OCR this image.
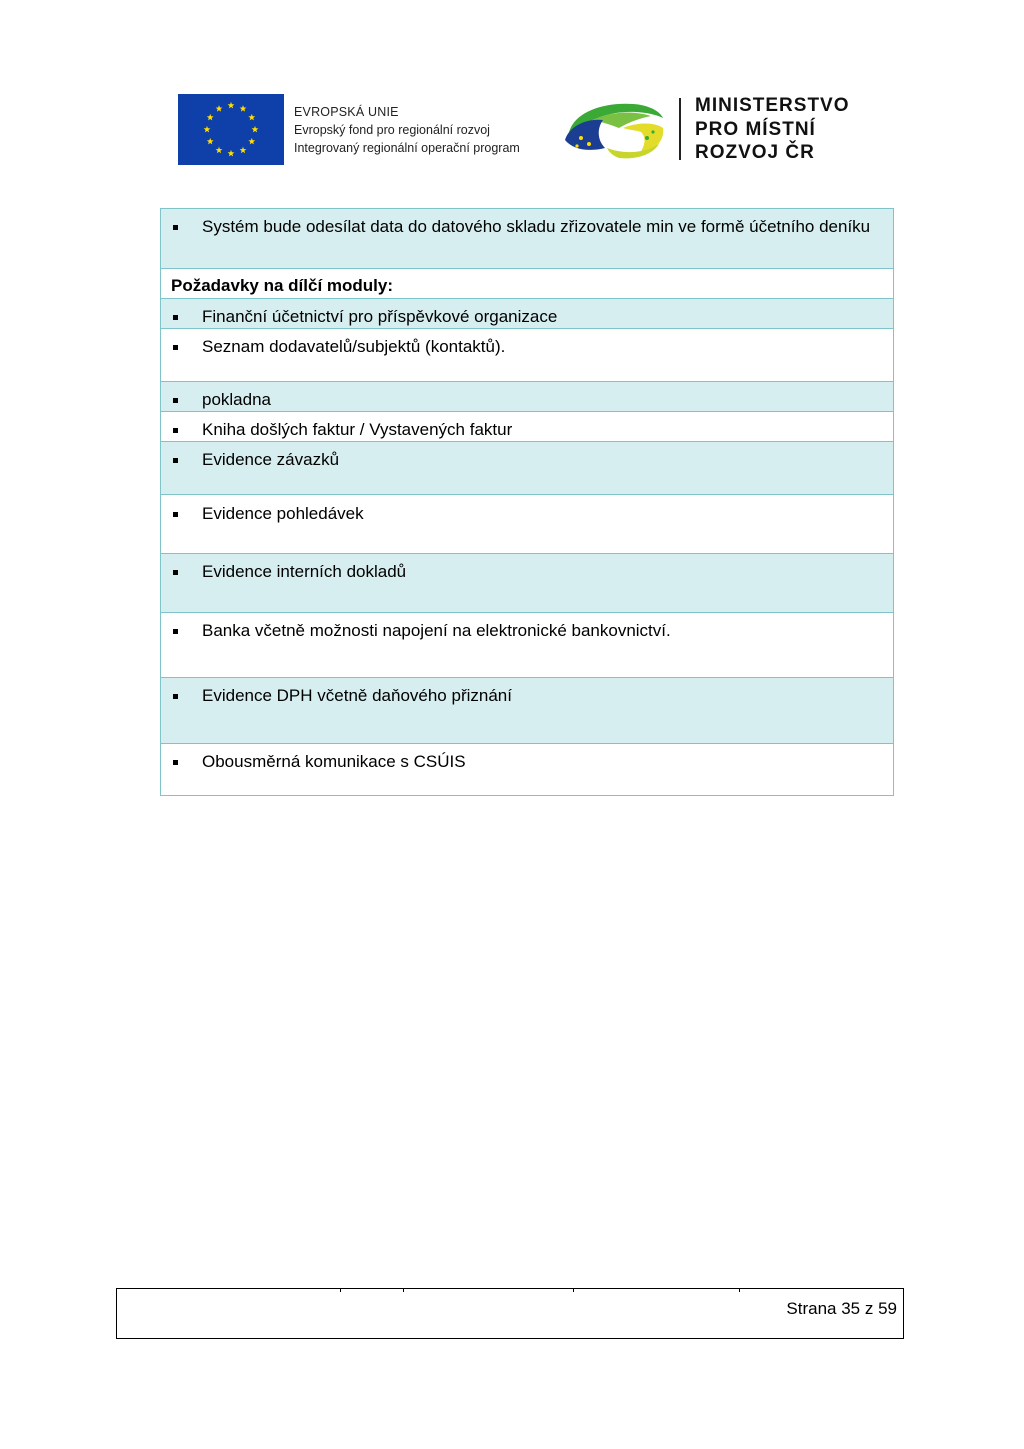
EVROPSKÁ UNIE
Evropský fond pro regionální rozvoj
Integrovaný regionální operační program
MINISTERSTVO
PRO MÍSTNÍ
ROZVOJ ČR
Systém bude odesílat data do datového skladu zřizovatele min ve formě účetního deníku

Požadavky na dílčí moduly:

Finanční účetnictví pro příspěvkové organizace

Seznam dodavatelů/subjektů (kontaktů).

pokladna

Kniha došlých faktur / Vystavených faktur

Evidence závazků

Evidence pohledávek

Evidence interních dokladů

Banka včetně možnosti napojení na elektronické bankovnictví.

Evidence DPH včetně daňového přiznání

Obousměrná komunikace s CSÚIS
Strana 35 z 59
